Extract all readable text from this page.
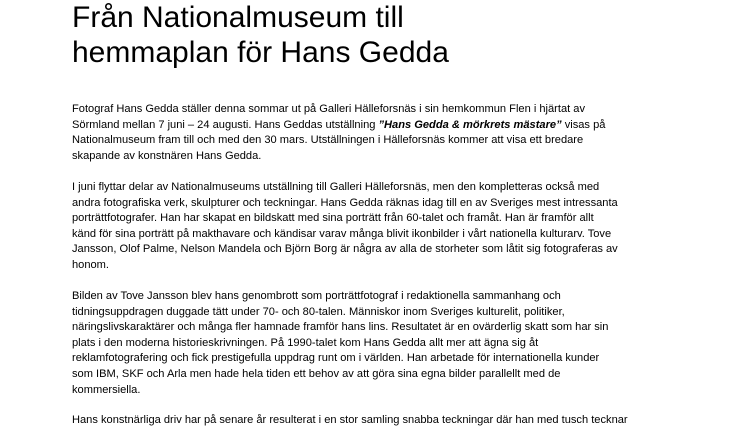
Från Nationalmuseum till
hemmaplan för Hans Gedda

Fotograf Hans Gedda ställer denna sommar ut på Galleri Hälleforsnäs i sin hemkommun Flen i hjärtat av
Sörmland mellan 7 juni – 24 augusti. Hans Geddas utställning ”Hans Gedda & mörkrets mästare” visas på
Nationalmuseum fram till och med den 30 mars. Utställningen i Hälleforsnäs kommer att visa ett bredare
skapande av konstnären Hans Gedda.

I juni flyttar delar av Nationalmuseums utställning till Galleri Hälleforsnäs, men den kompletteras också med
andra fotografiska verk, skulpturer och teckningar. Hans Gedda räknas idag till en av Sveriges mest intressanta
porträttfotografer. Han har skapat en bildskatt med sina porträtt från 60-talet och framåt. Han är framför allt
känd för sina porträtt på makthavare och kändisar varav många blivit ikonbilder i vårt nationella kulturarv. Tove
Jansson, Olof Palme, Nelson Mandela och Björn Borg är några av alla de storheter som låtit sig fotograferas av
honom.

Bilden av Tove Jansson blev hans genombrott som porträttfotograf i redaktionella sammanhang och
tidningsuppdragen duggade tätt under 70- och 80-talen. Människor inom Sveriges kulturelit, politiker,
näringslivskaraktärer och många fler hamnade framför hans lins. Resultatet är en ovärderlig skatt som har sin
plats i den moderna historieskrivningen. På 1990-talet kom Hans Gedda allt mer att ägna sig åt
reklamfotografering och fick prestigefulla uppdrag runt om i världen. Han arbetade för internationella kunder
som IBM, SKF och Arla men hade hela tiden ett behov av att göra sina egna bilder parallellt med de
kommersiella.

Hans konstnärliga driv har på senare år resulterat i en stor samling snabba teckningar där han med tusch tecknar
